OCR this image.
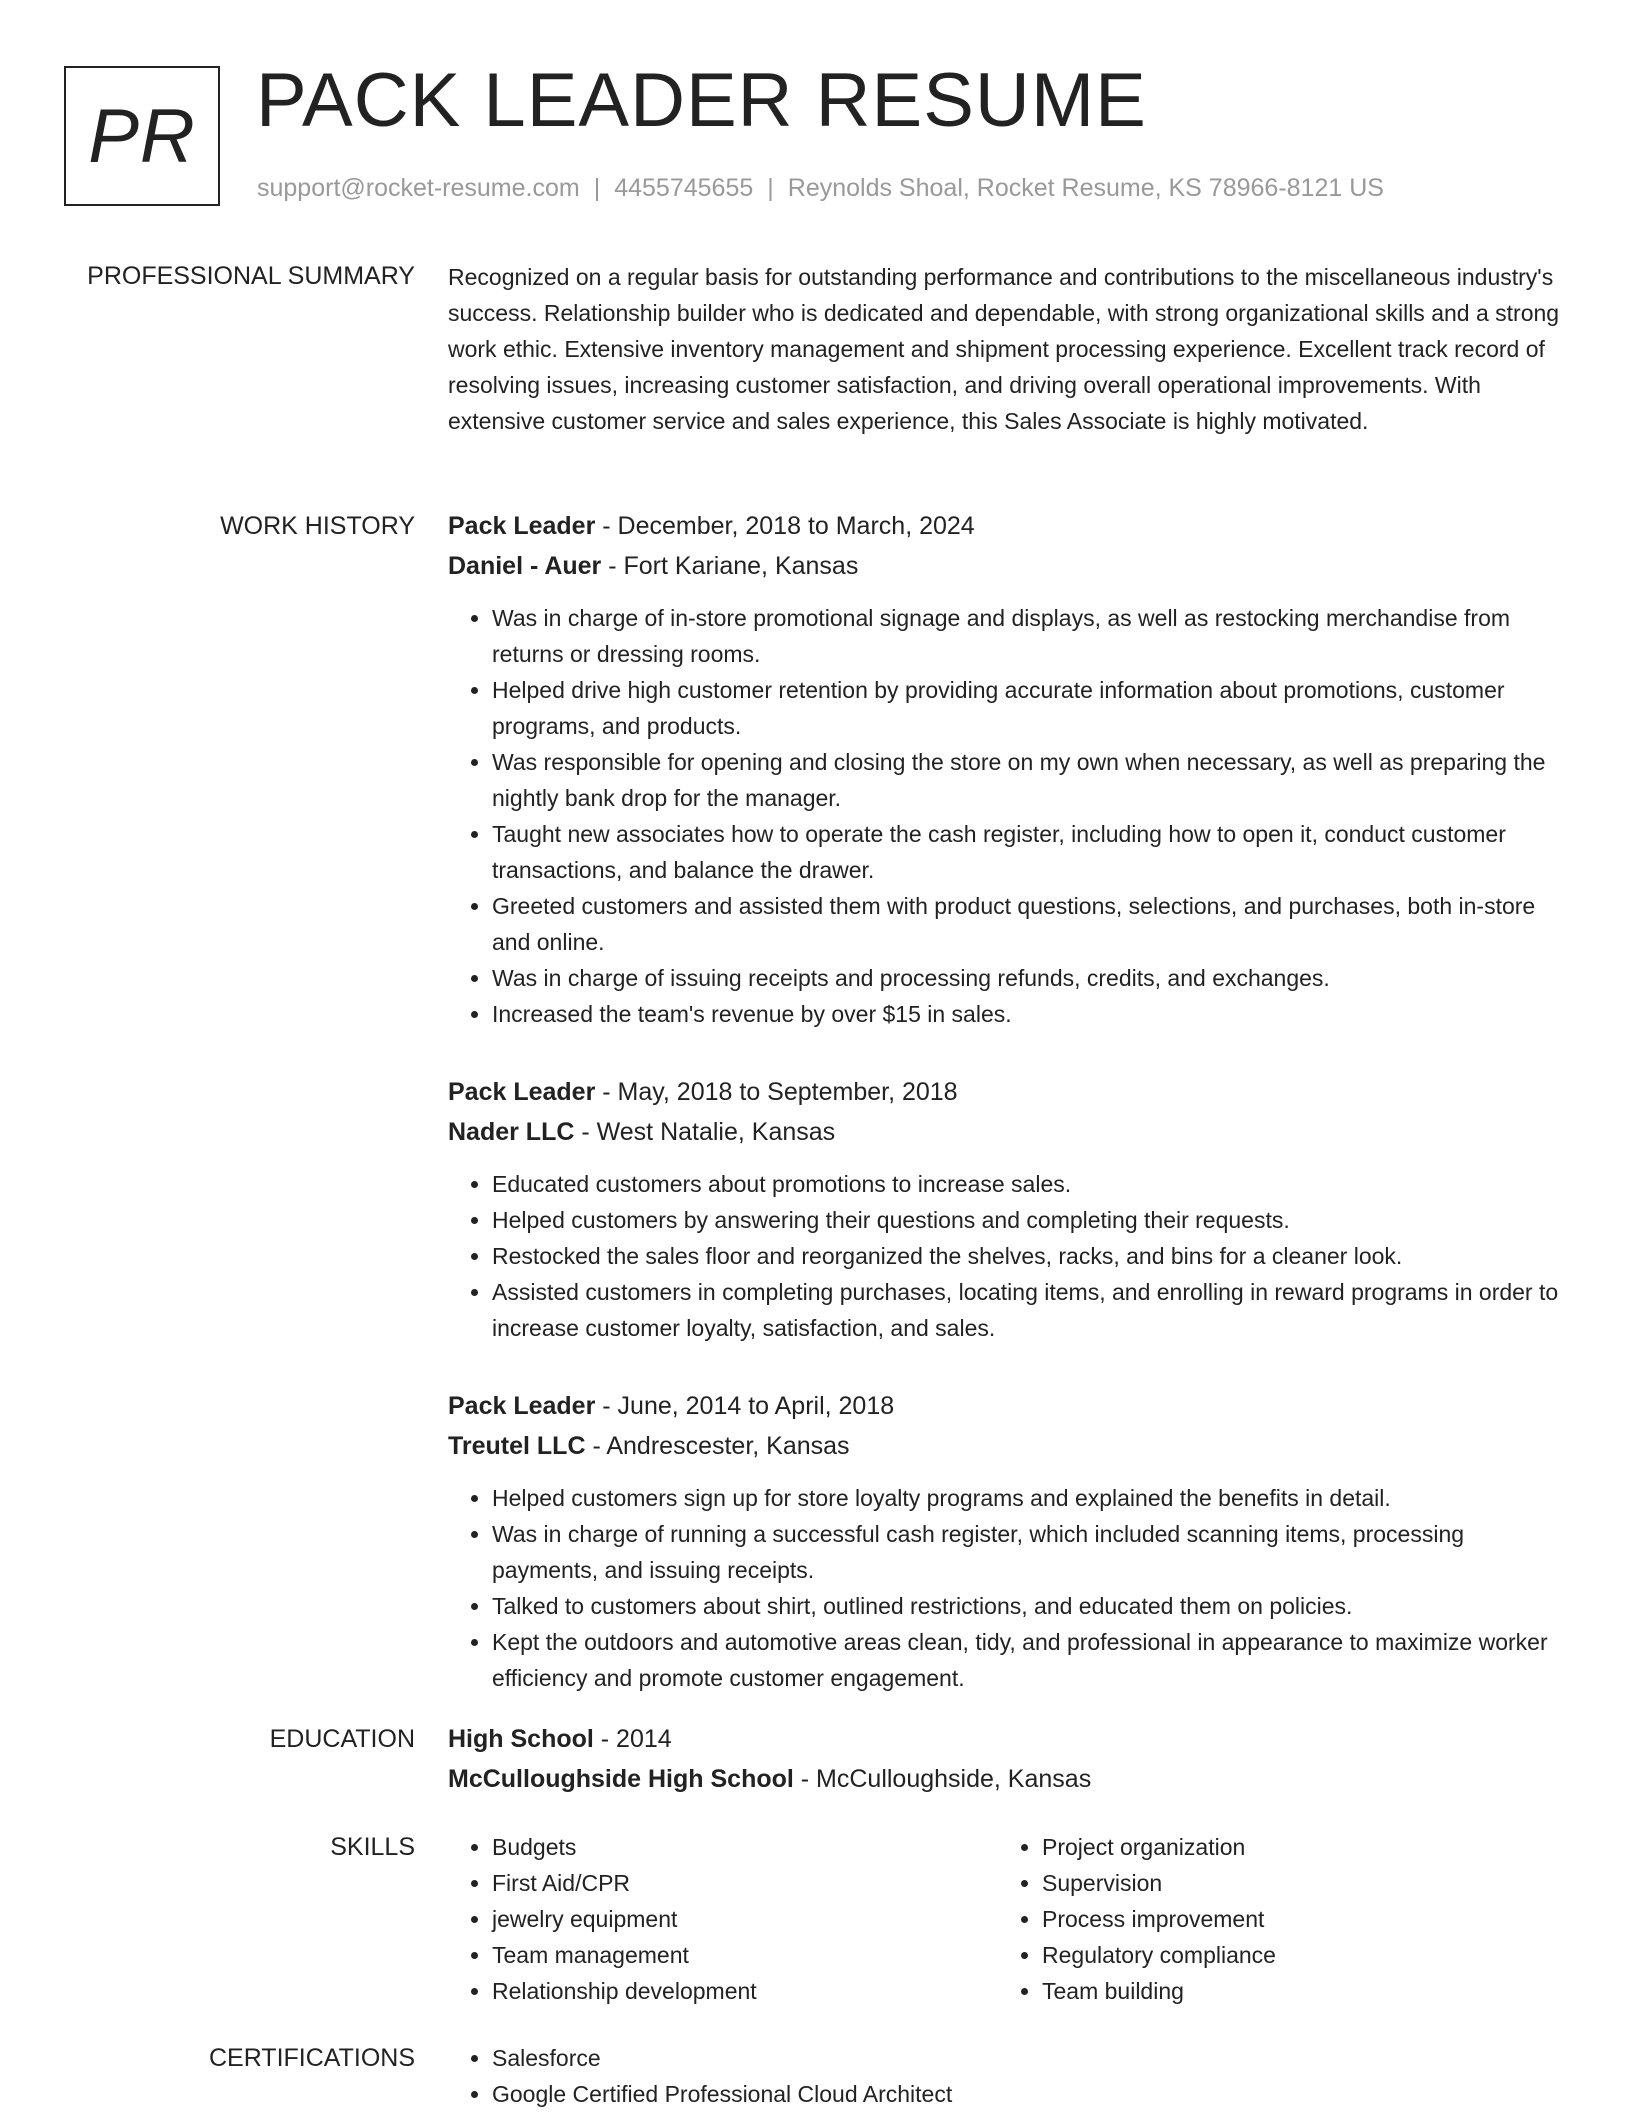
PR PACK LEADER RESUME
support@rocket-resume.com | 4455745655 | Reynolds Shoal, Rocket Resume, KS 78966-8121 US
PROFESSIONAL SUMMARY Recognized on a regular basis for outstanding performance and contributions to the miscellaneous industry's success. Relationship builder who is dedicated and dependable, with strong organizational skills and a strong work ethic. Extensive inventory management and shipment processing experience. Excellent track record of resolving issues, increasing customer satisfaction, and driving overall operational improvements. With extensive customer service and sales experience, this Sales Associate is highly motivated.

WORK HISTORY Pack Leader - December, 2018 to March, 2024
Daniel - Auer - Fort Kariane, Kansas
• Was in charge of in-store promotional signage and displays, as well as restocking merchandise from returns or dressing rooms.
• Helped drive high customer retention by providing accurate information about promotions, customer programs, and products.
• Was responsible for opening and closing the store on my own when necessary, as well as preparing the nightly bank drop for the manager.
• Taught new associates how to operate the cash register, including how to open it, conduct customer transactions, and balance the drawer.
• Greeted customers and assisted them with product questions, selections, and purchases, both in-store and online.
• Was in charge of issuing receipts and processing refunds, credits, and exchanges.
• Increased the team's revenue by over $15 in sales.
Pack Leader - May, 2018 to September, 2018
Nader LLC - West Natalie, Kansas
• Educated customers about promotions to increase sales.
• Helped customers by answering their questions and completing their requests.
• Restocked the sales floor and reorganized the shelves, racks, and bins for a cleaner look.
• Assisted customers in completing purchases, locating items, and enrolling in reward programs in order to increase customer loyalty, satisfaction, and sales.
Pack Leader - June, 2014 to April, 2018
Treutel LLC - Andrescester, Kansas
• Helped customers sign up for store loyalty programs and explained the benefits in detail.
• Was in charge of running a successful cash register, which included scanning items, processing payments, and issuing receipts.
• Talked to customers about shirt, outlined restrictions, and educated them on policies.
• Kept the outdoors and automotive areas clean, tidy, and professional in appearance to maximize worker efficiency and promote customer engagement.
EDUCATION High School - 2014
McCulloughside High School - McCulloughside, Kansas
SKILLS	• Budgets
• First Aid/CPR
• jewelry equipment
• Team management
• Relationship development
• Project organization
• Supervision
• Process improvement
• Regulatory compliance
• Team building
CERTIFICATIONS	• Salesforce
• Google Certified Professional Cloud Architect
